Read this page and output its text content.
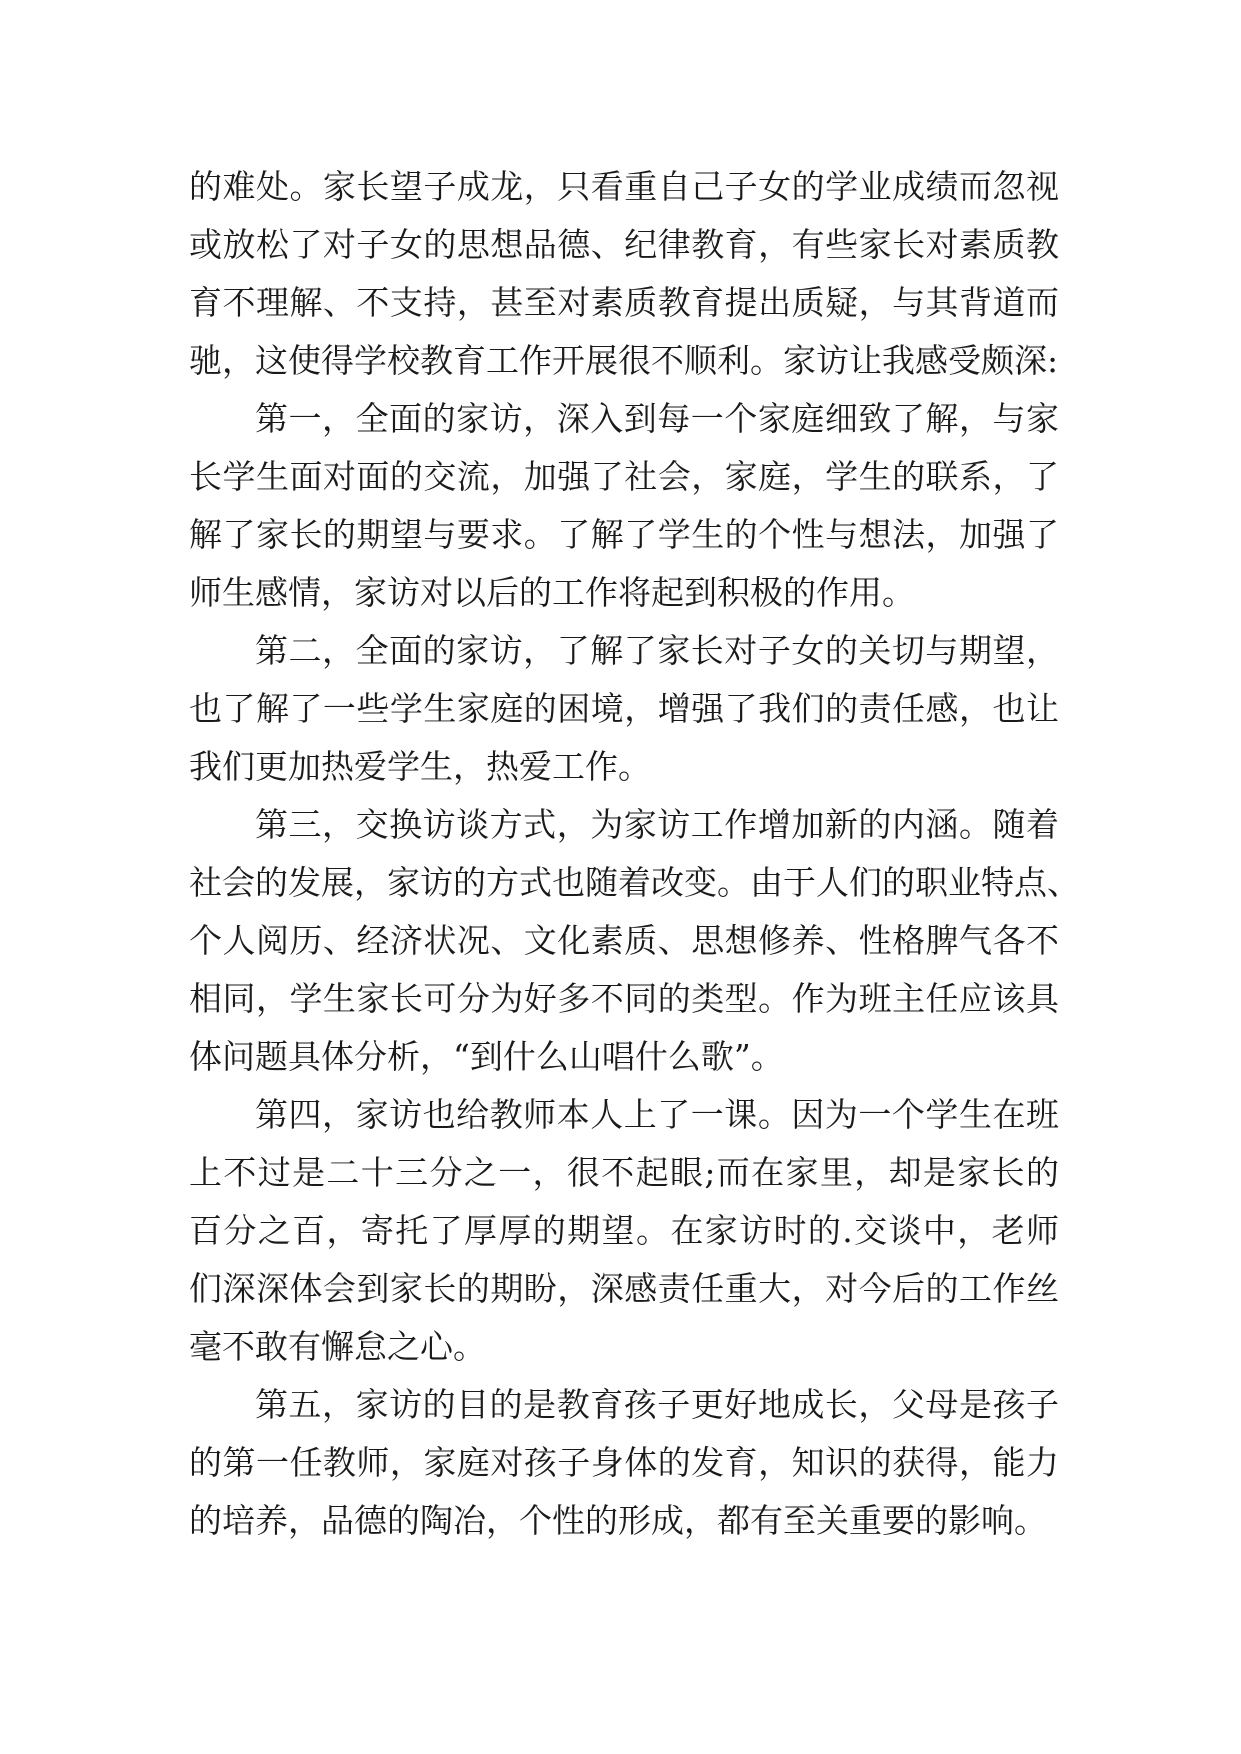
的难处。家长望子成龙，只看重自己子女的学业成绩而忽视
或放松了对子女的思想品德、纪律教育，有些家长对素质教
育不理解、不支持，甚至对素质教育提出质疑，与其背道而
驰，这使得学校教育工作开展很不顺利。家访让我感受颇深:
第一，全面的家访，深入到每一个家庭细致了解，与家
长学生面对面的交流，加强了社会，家庭，学生的联系，了
解了家长的期望与要求。了解了学生的个性与想法，加强了
师生感情，家访对以后的工作将起到积极的作用。
第二，全面的家访，了解了家长对子女的关切与期望，
也了解了一些学生家庭的困境，增强了我们的责任感，也让
我们更加热爱学生，热爱工作。
第三，交换访谈方式，为家访工作增加新的内涵。随着
社会的发展，家访的方式也随着改变。由于人们的职业特点、
个人阅历、经济状况、文化素质、思想修养、性格脾气各不
相同，学生家长可分为好多不同的类型。作为班主任应该具
体问题具体分析，“到什么山唱什么歌”。
第四，家访也给教师本人上了一课。因为一个学生在班
上不过是二十三分之一，很不起眼;而在家里，却是家长的
百分之百，寄托了厚厚的期望。在家访时的.交谈中，老师
们深深体会到家长的期盼，深感责任重大，对今后的工作丝
毫不敢有懈怠之心。
第五，家访的目的是教育孩子更好地成长，父母是孩子
的第一任教师，家庭对孩子身体的发育，知识的获得，能力
的培养，品德的陶冶，个性的形成，都有至关重要的影响。
